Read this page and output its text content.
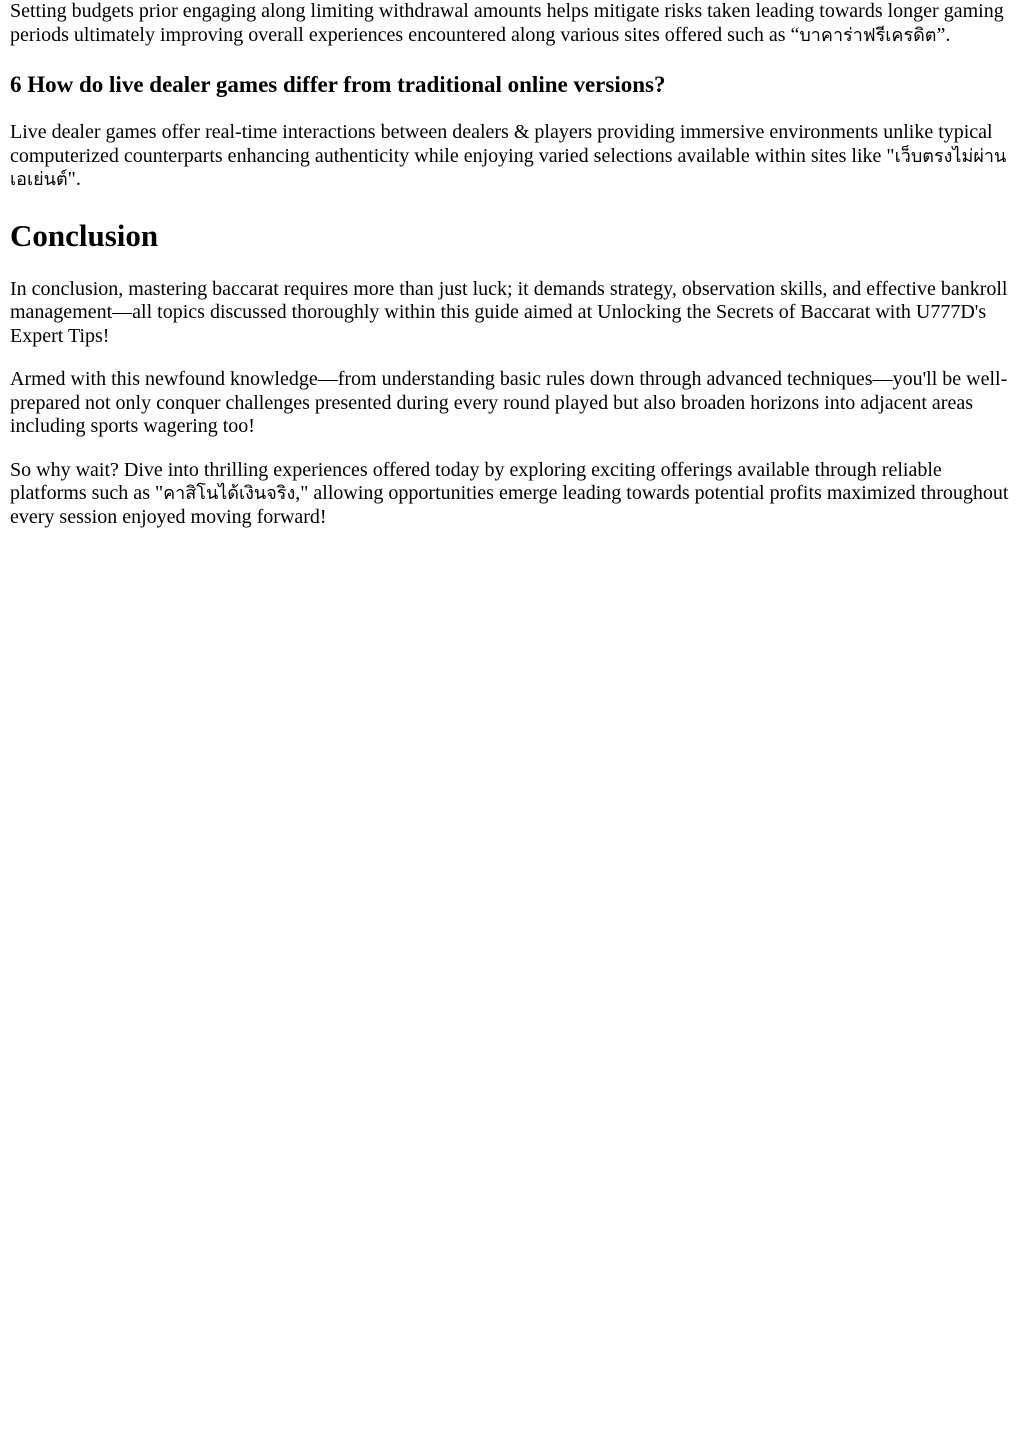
Setting budgets prior engaging along limiting withdrawal amounts helps mitigate risks taken leading towards longer gaming periods ultimately improving overall experiences encountered along various sites offered such as “บาคาร่าฟรีเครดิต”.

6 How do live dealer games differ from traditional online versions?

Live dealer games offer real-time interactions between dealers & players providing immersive environments unlike typical computerized counterparts enhancing authenticity while enjoying varied selections available within sites like "เว็บตรงไม่ผ่านเอเย่นต์".

Conclusion

In conclusion, mastering baccarat requires more than just luck; it demands strategy, observation skills, and effective bankroll management—all topics discussed thoroughly within this guide aimed at Unlocking the Secrets of Baccarat with U777D's Expert Tips!

Armed with this newfound knowledge—from understanding basic rules down through advanced techniques—you'll be well-prepared not only conquer challenges presented during every round played but also broaden horizons into adjacent areas including sports wagering too!

So why wait? Dive into thrilling experiences offered today by exploring exciting offerings available through reliable platforms such as "คาสิโนได้เงินจริง," allowing opportunities emerge leading towards potential profits maximized throughout every session enjoyed moving forward!
